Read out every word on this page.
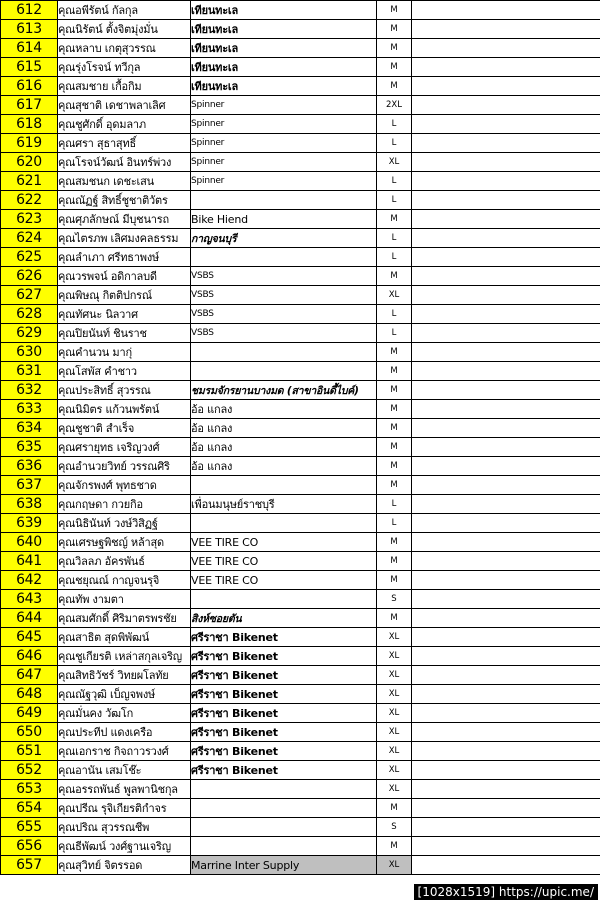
612	คุณอพีรัตน์ กัลกุล	เทียนทะเล	M	
613	คุณนิรัตน์ ตั้งจิตมุ่งมั่น	เทียนทะเล	M	
614	คุณหลาบ เกตุสุวรรณ	เทียนทะเล	M	
615	คุณรุ่งโรจน์ ทวีกุล	เทียนทะเล	M	
616	คุณสมชาย เกื้อกิม	เทียนทะเล	M	
617	คุณสุชาติ เดชาพลาเลิศ	Spinner	2XL	
618	คุณชูศักดิ์ อุดมลาภ	Spinner	L	
619	คุณศรา สุธาสุทธิ์	Spinner	L	
620	คุณโรจน์วัฒน์ อินทร์พ่วง	Spinner	XL	
621	คุณสมชนก เดชะเสน	Spinner	L	
622	คุณณัฏฐ์ สิทธิ์ชูชาติวัตร		L	
623	คุณศุภลักษณ์ มีบุชนารถ	Bike Hiend	M	
624	คุณไตรภพ เลิศมงคลธรรม	กาญจนบุรี	L	
625	คุณลำเภา ศรีทธาพงษ์		L	
626	คุณวรพจน์ อดิกาลบดี	VSBS	M	
627	คุณพิษณุ กิตติปกรณ์	VSBS	XL	
628	คุณทัศนะ นิลวาศ	VSBS	L	
629	คุณปิยนันท์ ชินราช	VSBS	L	
630	คุณคำนวน มากุ่		M	
631	คุณโสพัส คำชาว		M	
632	คุณประสิทธิ์ สุวรรณ	ชมรมจักรยานบางมด (สาขาอินดี้ไบค์)	M	
633	คุณนิมิตร แก้วนพรัตน์	อ้อ แกลง	M	
634	คุณชูชาติ สำเร็จ	อ้อ แกลง	M	
635	คุณศรายุทธ เจริญวงศ์	อ้อ แกลง	M	
636	คุณอำนวยวิทย์ วรรณศิริ	อ้อ แกลง	M	
637	คุณจักรพงศ์ พุทธชาด		M	
638	คุณกฤษดา กวยกิอ	เพื่อนมนุษย์ราชบุรี	L	
639	คุณนิธินันท์ วงษ์วิสิฏฐ์		L	
640	คุณเศรษฐพิชญ์ หล้าสุด	VEE TIRE CO	M	
641	คุณวิลลภ อัครพันธ์	VEE TIRE CO	M	
642	คุณชยุณณ์ กาญจนรุจิ	VEE TIRE CO	M	
643	คุณทัพ งามตา		S	
644	คุณสมศักดิ์ ศิริมาตรพรชัย	สิงห์ซอยตัน	M	
645	คุณสาธิต สุดพิพัฒน์	ศรีราชา Bikenet	XL	
646	คุณชูเกียรติ เหล่าสกุลเจริญ	ศรีราชา Bikenet	XL	
647	คุณสิทธิวัชร์ วิทยผโลทัย	ศรีราชา Bikenet	XL	
648	คุณณัฐวุฒิ เบ็ญจพงษ์	ศรีราชา Bikenet	XL	
649	คุณมั่นคง วัฒโก	ศรีราชา Bikenet	XL	
650	คุณประทีป แดงเครือ	ศรีราชา Bikenet	XL	
651	คุณเอกราช กิจถาวรวงศ์	ศรีราชา Bikenet	XL	
652	คุณอานัน เสมโช๊ะ	ศรีราชา Bikenet	XL	
653	คุณอรรถพันธ์ พูลพานิชกุล		XL	
654	คุณปรีณ รุจิเกียรติกำจร		M	
655	คุณปริณ สุวรรณชีพ		S	
656	คุณธีพัฒน์ วงศ์ฐานเจริญ		M	
657	คุณสุวิทย์ จิตรรอด	Marrine Inter Supply	XL	
[1028x1519] https://upic.me/
